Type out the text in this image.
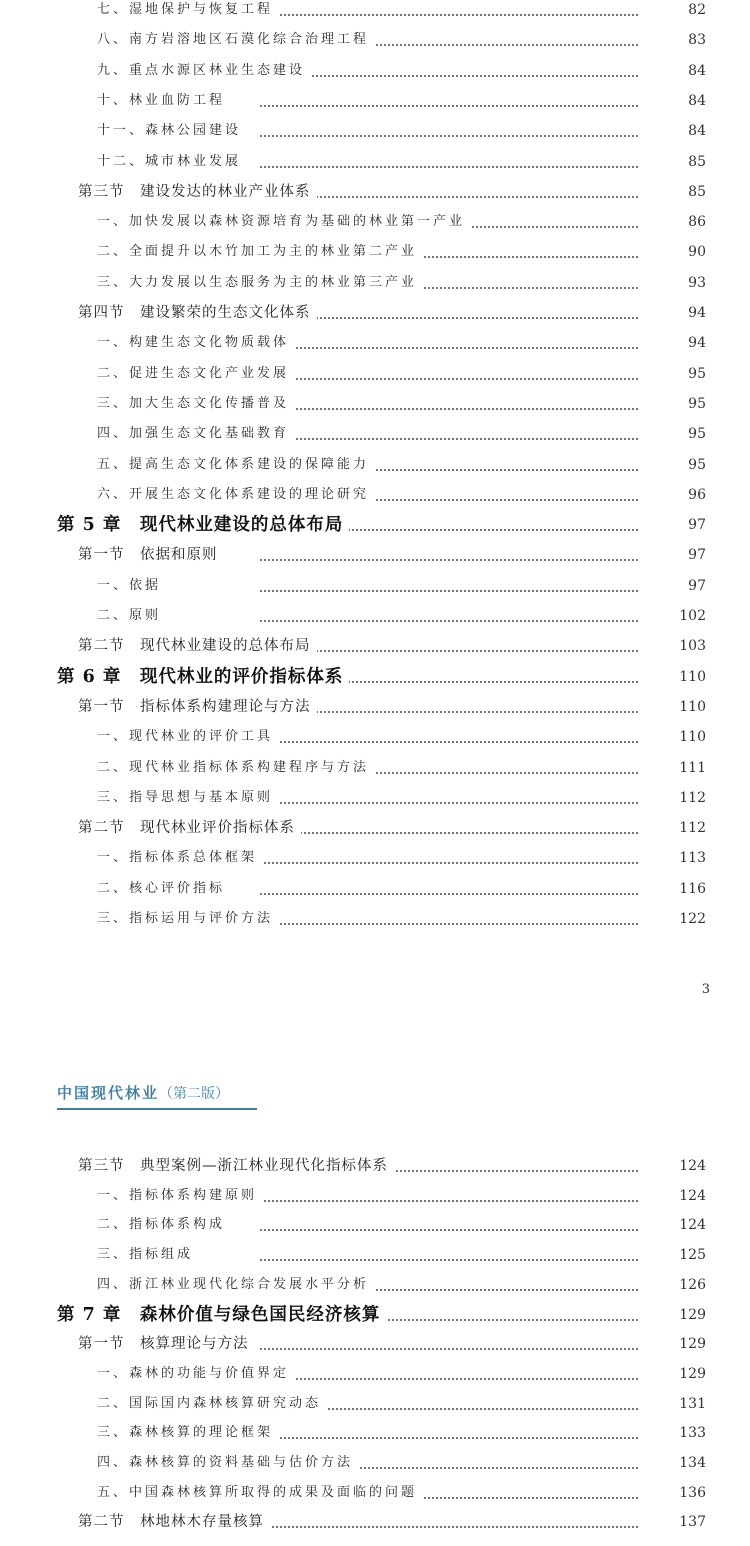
七、湿地保护与恢复工程	82
八、南方岩溶地区石漠化综合治理工程	83
九、重点水源区林业生态建设	84
十、林业血防工程	84
十一、森林公园建设	84
十二、城市林业发展	85
第三节　建设发达的林业产业体系	85
一、加快发展以森林资源培育为基础的林业第一产业	86
二、全面提升以木竹加工为主的林业第二产业	90
三、大力发展以生态服务为主的林业第三产业	93
第四节　建设繁荣的生态文化体系	94
一、构建生态文化物质载体	94
二、促进生态文化产业发展	95
三、加大生态文化传播普及	95
四、加强生态文化基础教育	95
五、提高生态文化体系建设的保障能力	95
六、开展生态文化体系建设的理论研究	96
第 5 章　现代林业建设的总体布局	97
第一节　依据和原则	97
一、依据	97
二、原则	102
第二节　现代林业建设的总体布局	103
第 6 章　现代林业的评价指标体系	110
第一节　指标体系构建理论与方法	110
一、现代林业的评价工具	110
二、现代林业指标体系构建程序与方法	111
三、指导思想与基本原则	112
第二节　现代林业评价指标体系	112
一、指标体系总体框架	113
二、核心评价指标	116
三、指标运用与评价方法	122
3
中国现代林业（第二版）
第三节　典型案例—浙江林业现代化指标体系	124
一、指标体系构建原则	124
二、指标体系构成	124
三、指标组成	125
四、浙江林业现代化综合发展水平分析	126
第 7 章　森林价值与绿色国民经济核算	129
第一节　核算理论与方法	129
一、森林的功能与价值界定	129
二、国际国内森林核算研究动态	131
三、森林核算的理论框架	133
四、森林核算的资料基础与估价方法	134
五、中国森林核算所取得的成果及面临的问题	136
第二节　林地林木存量核算	137
